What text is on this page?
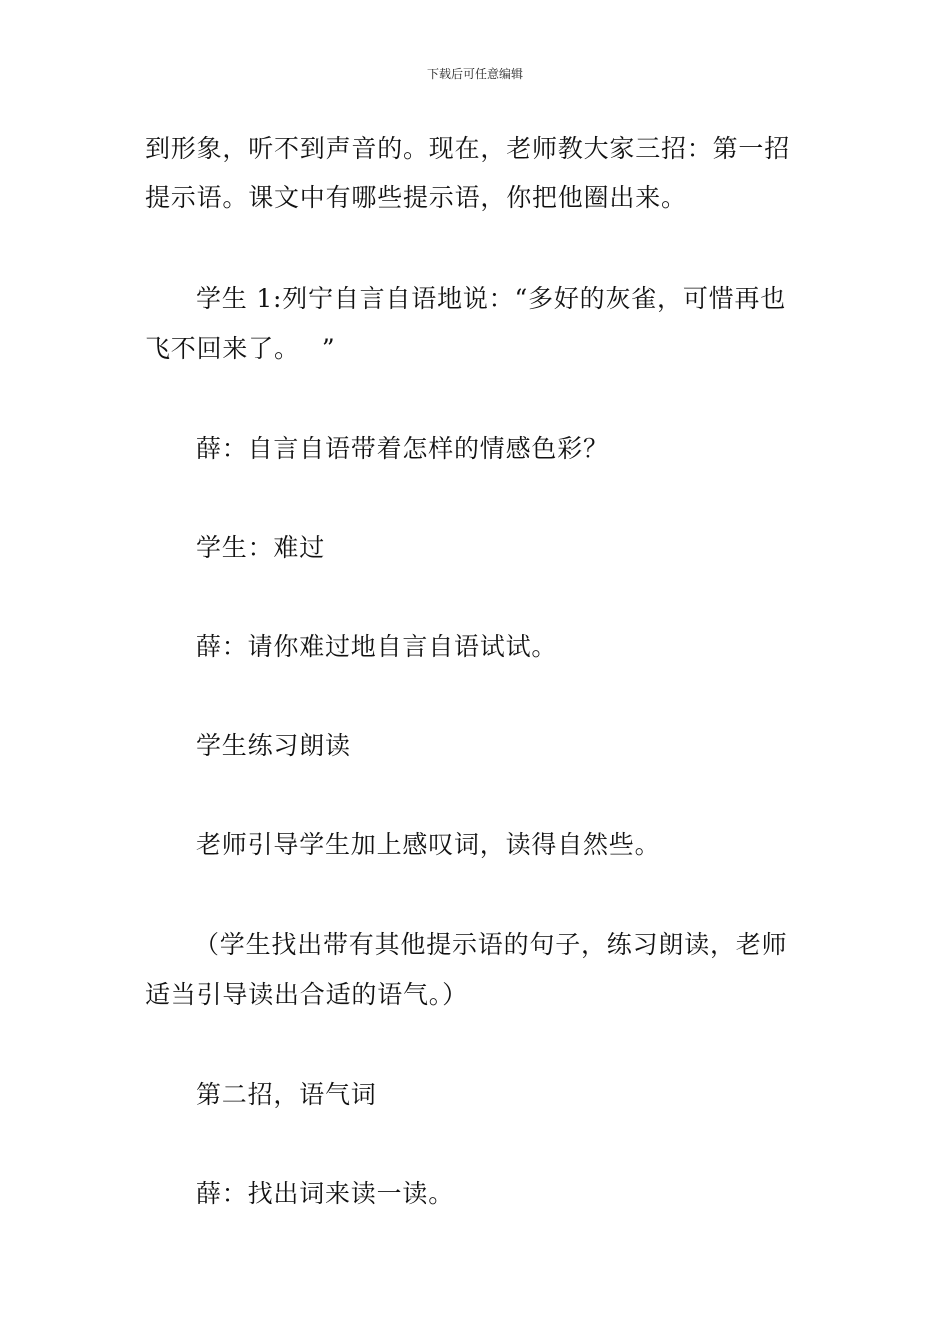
下载后可任意编辑
到形象，听不到声音的。现在，老师教大家三招：第一招
提示语。课文中有哪些提示语，你把他圈出来。
学生 1:列宁自言自语地说：“多好的灰雀，可惜再也
飞不回来了。　 ”
薛：自言自语带着怎样的情感色彩？
学生：难过
薛：请你难过地自言自语试试。
学生练习朗读
老师引导学生加上感叹词，读得自然些。
（学生找出带有其他提示语的句子，练习朗读，老师
适当引导读出合适的语气。）
第二招，语气词
薛：找出词来读一读。
